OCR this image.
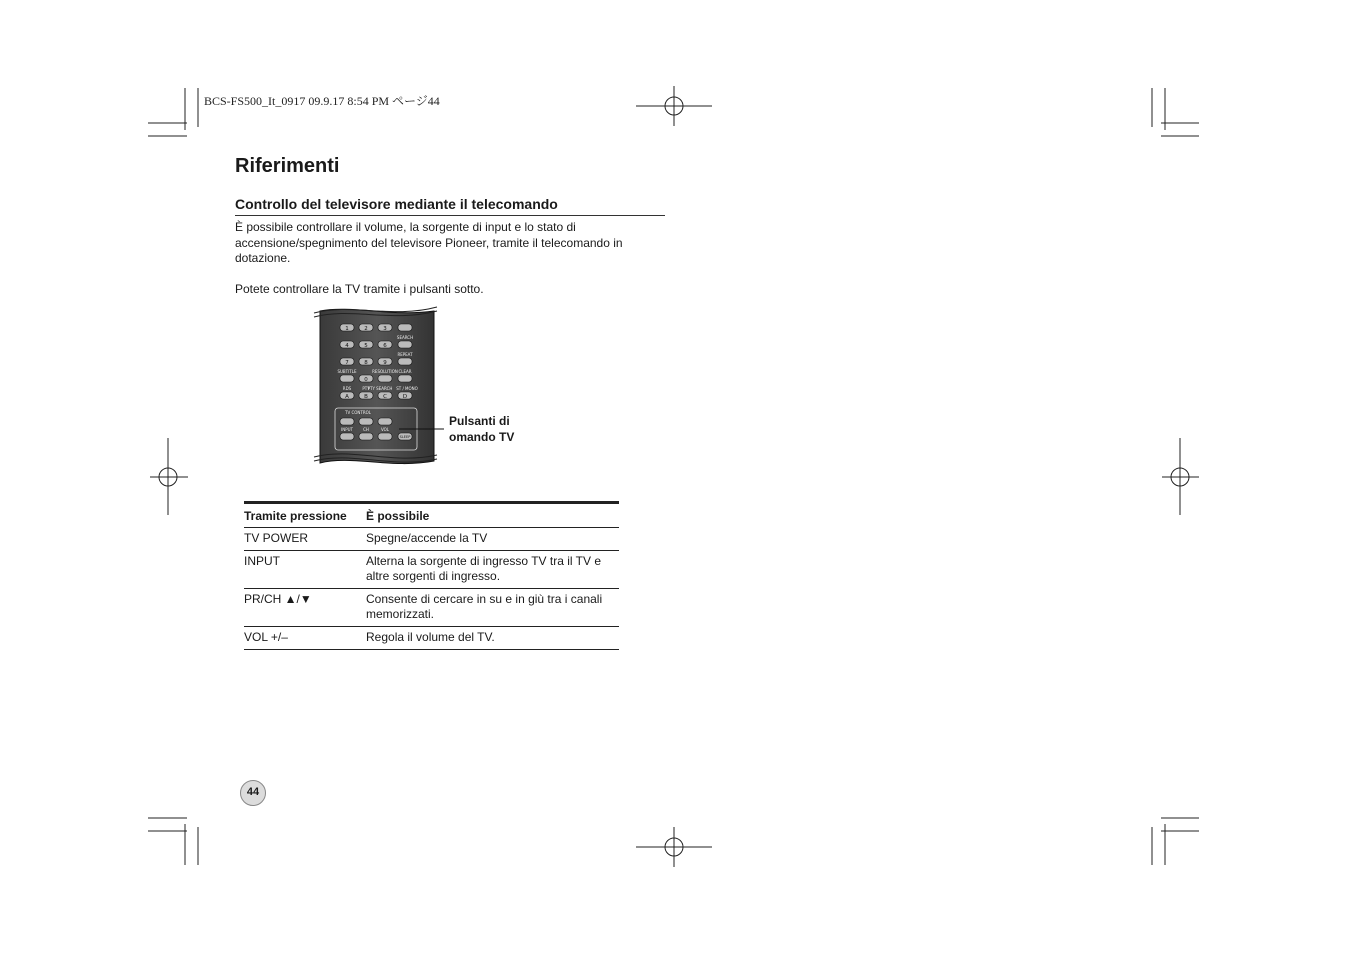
BCS-FS500_It_0917 09.9.17 8:54 PM ページ44
Riferimenti
Controllo del televisore mediante il telecomando
È possibile controllare il volume, la sorgente di input e lo stato di accensione/spegnimento del televisore Pioneer, tramite il telecomando in dotazione.
Potete controllare la TV tramite i pulsanti sotto.
1	2	3
4	5	6
7	8	9
0
A	B	C	D
SEARCH
REPEAT
SUBTITLE	RESOLUTION CLEAR
RDS	PTY
PTY SEARCH ST / MONO
TV CONTROL
INPUT	CH	VOL
SLEEP
Pulsanti di
omando TV
Tramite pressione	È possibile
TV POWER	Spegne/accende la TV
INPUT	Alterna la sorgente di ingresso TV tra il TV e altre sorgenti di ingresso.
PR/CH ▲/▼	Consente di cercare in su e in giù tra i canali memorizzati.
VOL +/–	Regola il volume del TV.
44
